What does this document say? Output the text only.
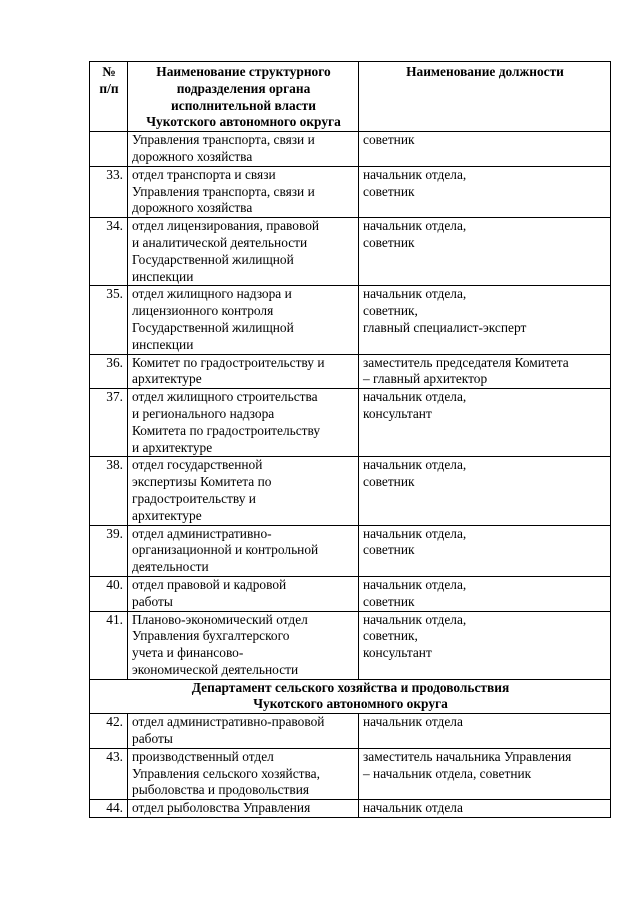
№
п/п	Наименование структурного
подразделения органа
исполнительной власти
Чукотского автономного округа	Наименование должности

	Управления транспорта, связи и
дорожного хозяйства	советник

33.	отдел транспорта и связи
Управления транспорта, связи и
дорожного хозяйства	начальник отдела,
советник

34.	отдел лицензирования, правовой
и аналитической деятельности
Государственной жилищной
инспекции	начальник отдела,
советник

35.	отдел жилищного надзора и
лицензионного контроля
Государственной жилищной
инспекции	начальник отдела,
советник,
главный специалист-эксперт

36.	Комитет по градостроительству и
архитектуре	заместитель председателя Комитета
– главный архитектор

37.	отдел жилищного строительства
и регионального надзора
Комитета по градостроительству
и архитектуре	начальник отдела,
консультант

38.	отдел государственной
экспертизы Комитета по
градостроительству и
архитектуре	начальник отдела,
советник

39.	отдел административно-
организационной и контрольной
деятельности	начальник отдела,
советник

40.	отдел правовой и кадровой
работы	начальник отдела,
советник

41.	Планово-экономический отдел
Управления бухгалтерского
учета и финансово-
экономической деятельности	начальник отдела,
советник,
консультант

Департамент сельского хозяйства и продовольствия
Чукотского автономного округа		

42.	отдел административно-правовой
работы	начальник отдела

43.	производственный отдел
Управления сельского хозяйства,
рыболовства и продовольствия	заместитель начальника Управления
– начальник отдела, советник

44.	отдел рыболовства Управления	начальник отдела
